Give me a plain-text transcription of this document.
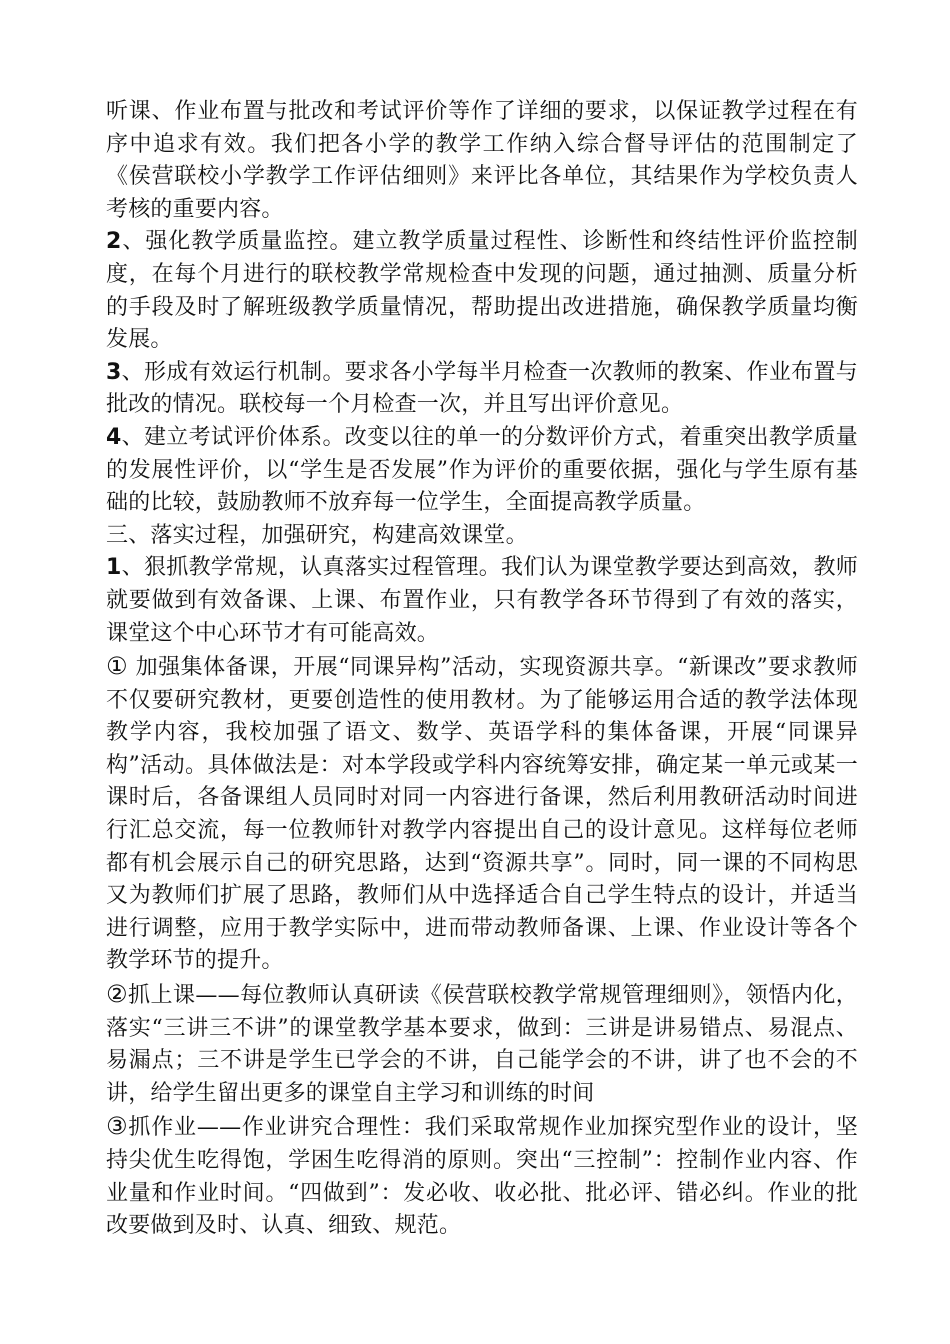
听课、作业布置与批改和考试评价等作了详细的要求，以保证教学过程在有序中追求有效。我们把各小学的教学工作纳入综合督导评估的范围制定了《侯营联校小学教学工作评估细则》来评比各单位，其结果作为学校负责人考核的重要内容。

2、强化教学质量监控。建立教学质量过程性、诊断性和终结性评价监控制度，在每个月进行的联校教学常规检查中发现的问题，通过抽测、质量分析的手段及时了解班级教学质量情况，帮助提出改进措施，确保教学质量均衡发展。

3、形成有效运行机制。要求各小学每半月检查一次教师的教案、作业布置与批改的情况。联校每一个月检查一次，并且写出评价意见。

4、建立考试评价体系。改变以往的单一的分数评价方式，着重突出教学质量的发展性评价，以“学生是否发展”作为评价的重要依据，强化与学生原有基础的比较，鼓励教师不放弃每一位学生，全面提高教学质量。

三、落实过程，加强研究，构建高效课堂。

1、狠抓教学常规，认真落实过程管理。我们认为课堂教学要达到高效，教师就要做到有效备课、上课、布置作业，只有教学各环节得到了有效的落实，课堂这个中心环节才有可能高效。

① 加强集体备课，开展“同课异构”活动，实现资源共享。“新课改”要求教师不仅要研究教材，更要创造性的使用教材。为了能够运用合适的教学法体现教学内容，我校加强了语文、数学、英语学科的集体备课，开展“同课异构”活动。具体做法是：对本学段或学科内容统筹安排，确定某一单元或某一课时后，各备课组人员同时对同一内容进行备课，然后利用教研活动时间进行汇总交流，每一位教师针对教学内容提出自己的设计意见。这样每位老师都有机会展示自己的研究思路，达到“资源共享”。同时，同一课的不同构思又为教师们扩展了思路，教师们从中选择适合自己学生特点的设计，并适当进行调整，应用于教学实际中，进而带动教师备课、上课、作业设计等各个教学环节的提升。

②抓上课——每位教师认真研读《侯营联校教学常规管理细则》，领悟内化，落实“三讲三不讲”的课堂教学基本要求，做到：三讲是讲易错点、易混点、易漏点；三不讲是学生已学会的不讲，自己能学会的不讲，讲了也不会的不讲，给学生留出更多的课堂自主学习和训练的时间

③抓作业——作业讲究合理性：我们采取常规作业加探究型作业的设计，坚持尖优生吃得饱，学困生吃得消的原则。突出“三控制”：控制作业内容、作业量和作业时间。“四做到”：发必收、收必批、批必评、错必纠。作业的批改要做到及时、认真、细致、规范。
